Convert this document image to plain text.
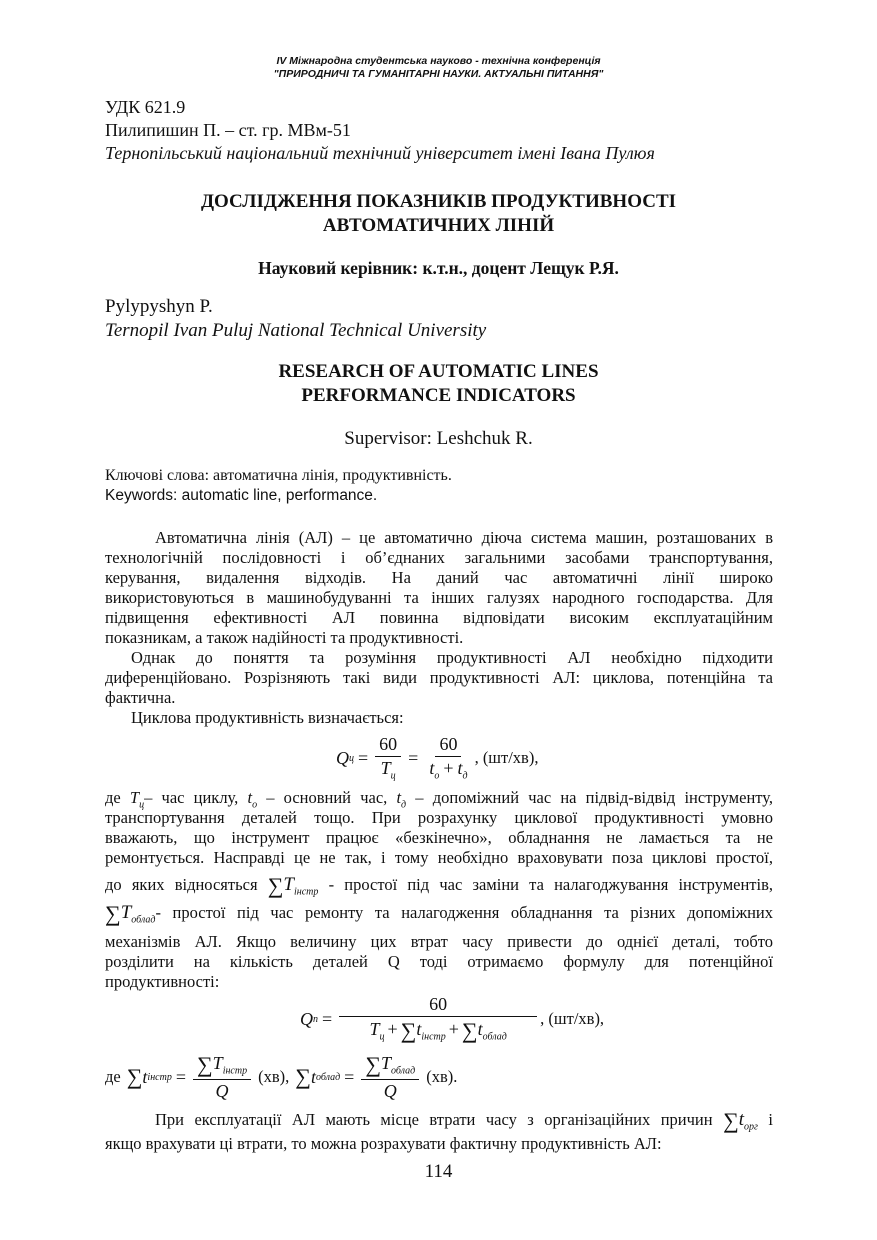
IV Міжнародна студентська науково - технічна конференція
"ПРИРОДНИЧІ ТА ГУМАНІТАРНІ НАУКИ. АКТУАЛЬНІ ПИТАННЯ"
УДК 621.9
Пилипишин П. – ст. гр. МВм-51
Тернопільський національний технічний університет імені Івана Пулюя
ДОСЛІДЖЕННЯ ПОКАЗНИКІВ ПРОДУКТИВНОСТІ
АВТОМАТИЧНИХ ЛІНІЙ
Науковий керівник: к.т.н., доцент Лещук Р.Я.
Pylypyshyn P.
Ternopil Ivan Puluj National Technical University
RESEARCH OF AUTOMATIC LINES
PERFORMANCE INDICATORS
Supervisor: Leshchuk R.
Ключові слова: автоматична лінія, продуктивність.
Keywords: automatic line, performance.
Автоматична лінія (АЛ) – це автоматично діюча система машин, розташованих в
технологічній послідовності і об’єднаних загальними засобами транспортування,
керування, видалення відходів. На даний час автоматичні лінії широко
використовуються в машинобудуванні та інших галузях народного господарства. Для
підвищення ефективності АЛ повинна відповідати високим експлуатаційним
показникам, а також надійності та продуктивності.
Однак до поняття та розуміння продуктивності АЛ необхідно підходити
диференційовано. Розрізняють такі види продуктивності АЛ: циклова, потенційна та
фактична.
Циклова продуктивність визначається:
Q $ц = \frac{60}{T_ц} = \frac{60}{t_о + t_д}$ , (шт/хв),
де $T_ц-$ час циклу, $t_о$ – основний час, $t_д$ – допоміжний час на підвід-відвід інструменту,
транспортування деталей тощо. При розрахунку циклової продуктивності умовно
вважають, що інструмент працює «безкінечно», обладнання не ламається та не
ремонтується. Насправді це не так, і тому необхідно враховувати поза циклові простої,
до яких відносяться $\sum T_{інстр}$ - простої під час заміни та налагоджування інструментів,
$\sum T_{облад}-$ простої під час ремонту та налагодження обладнання та різних допоміжних
механізмів АЛ. Якщо величину цих втрат часу привести до однієї деталі, тобто
розділити на кількість деталей Q тоді отримаємо формулу для потенційної
продуктивності:
Q $п = \frac{60}{T_ц + \sum t_{інстр} + \sum t_{облад}}$ , (шт/хв),
де ∑ t інстр = $\frac{\sum T_{інстр}}{Q} (хв)$, ∑ t облад = $\frac{\sum T_{облад}}{Q} (хв)$.
При експлуатації АЛ мають місце втрати часу з організаційних причин $\sum t_{орг}$ і
якщо врахувати ці втрати, то можна розрахувати фактичну продуктивність АЛ:
114
